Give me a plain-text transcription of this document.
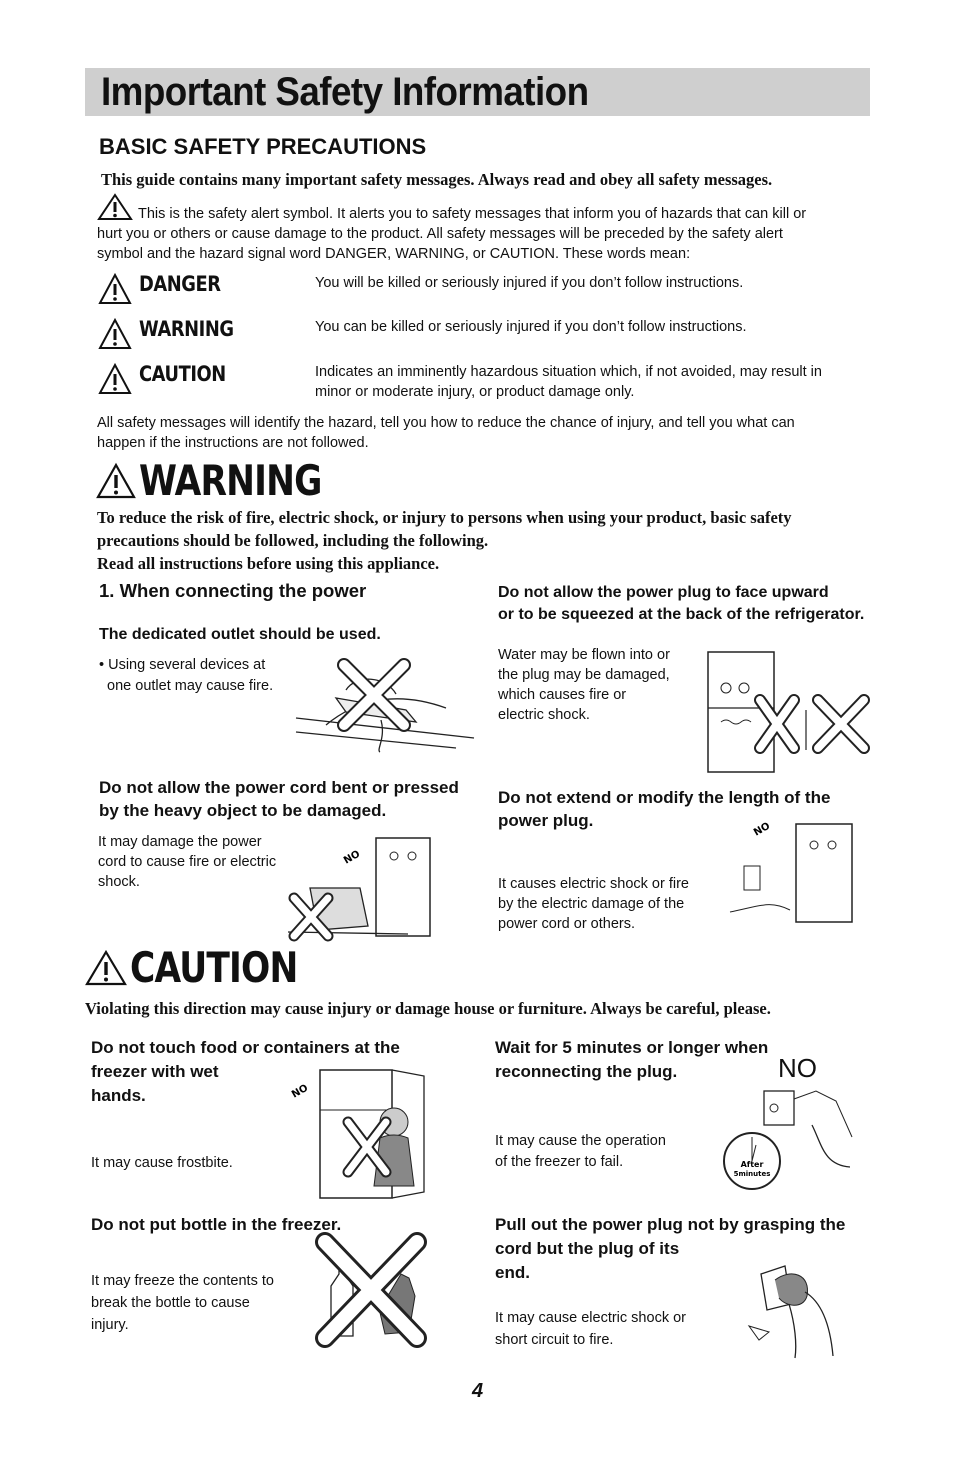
Important Safety Information
BASIC SAFETY PRECAUTIONS
This guide contains many important safety messages. Always read and obey all safety messages.
This is the safety alert symbol. It alerts you to safety messages that inform you of hazards that can kill or
hurt you or others or cause damage to the product. All safety messages will be preceded by the safety alert
symbol and the hazard signal word DANGER, WARNING, or CAUTION. These words mean:
DANGER	You will be killed or seriously injured if you don’t follow instructions.
WARNING	You can be killed or seriously injured if you don’t follow instructions.
CAUTION	Indicates an imminently hazardous situation which, if not avoided, may result in
minor or moderate injury, or product damage only.
All safety messages will identify the hazard, tell you how to reduce the chance of injury, and tell you what can
happen if the instructions are not followed.
WARNING
To reduce the risk of fire, electric shock, or injury to persons when using your product, basic safety
precautions should be followed, including the following.
Read all instructions before using this appliance.
1. When connecting the power
The dedicated outlet should be used.
• Using several devices at
one outlet may cause fire.
Do not allow the power plug to face upward
or to be squeezed at the back of the refrigerator.
Water may be flown into or
the plug may be damaged,
which causes fire or
electric shock.
Do not allow the power cord bent or pressed
by the heavy object to be damaged.
It may damage the power
cord to cause fire or electric
shock.
NO
Do not extend or modify the length of the
power plug.
It causes electric shock or fire
by the electric damage of the
power cord or others.
NO
CAUTION
Violating this direction may cause injury or damage house or furniture. Always be careful, please.
Do not touch food or containers at the
freezer with wet
hands.
It may cause frostbite.
NO
Wait for 5 minutes or longer when
reconnecting the plug.	NO
It may cause the operation
of the freezer to fail.	After
5minutes
Do not put bottle in the freezer.
It may freeze the contents to
break the bottle to cause
injury.
Pull out the power plug not by grasping the
cord but the plug of its
end.
It may cause electric shock or
short circuit to fire.
4
